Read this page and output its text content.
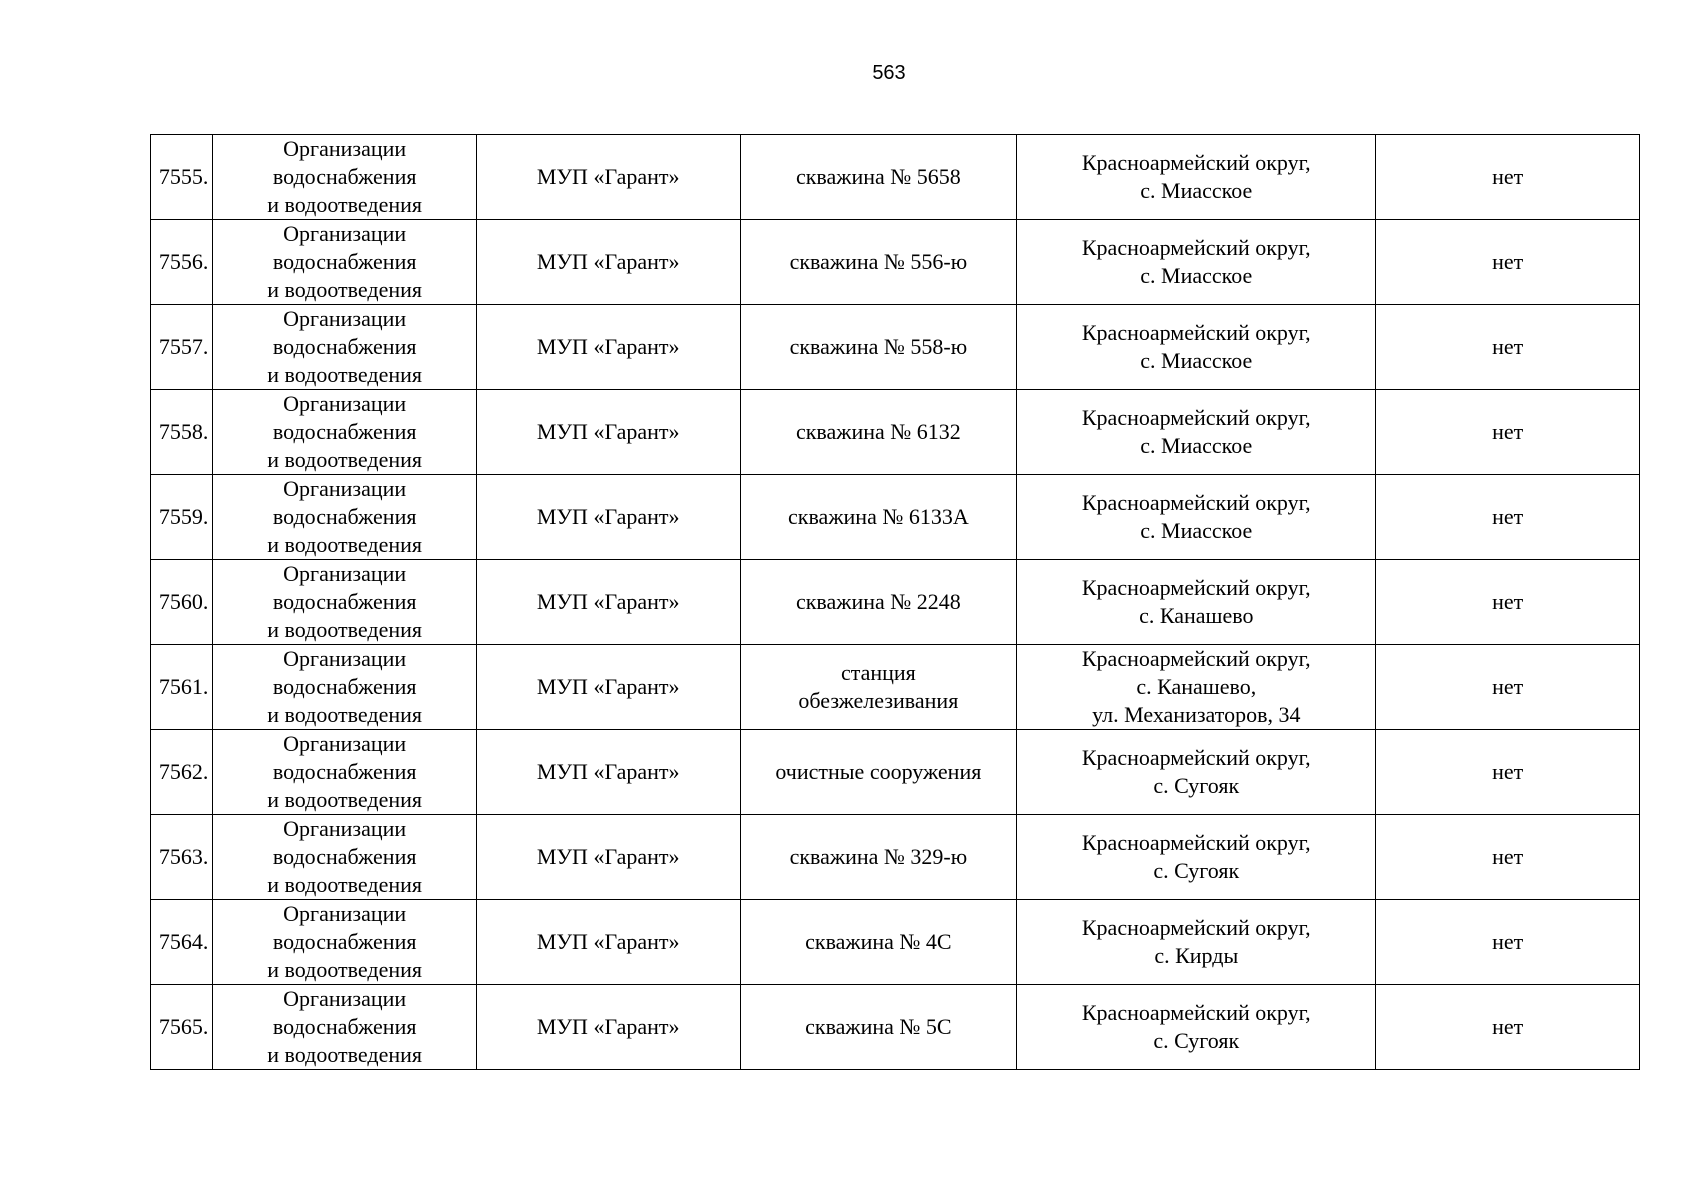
563
7555.	Организации
водоснабжения
и водоотведения	МУП «Гарант»	скважина № 5658	Красноармейский округ,
с. Миасское	нет
7556.	Организации
водоснабжения
и водоотведения	МУП «Гарант»	скважина № 556-ю	Красноармейский округ,
с. Миасское	нет
7557.	Организации
водоснабжения
и водоотведения	МУП «Гарант»	скважина № 558-ю	Красноармейский округ,
с. Миасское	нет
7558.	Организации
водоснабжения
и водоотведения	МУП «Гарант»	скважина № 6132	Красноармейский округ,
с. Миасское	нет
7559.	Организации
водоснабжения
и водоотведения	МУП «Гарант»	скважина № 6133А	Красноармейский округ,
с. Миасское	нет
7560.	Организации
водоснабжения
и водоотведения	МУП «Гарант»	скважина № 2248	Красноармейский округ,
с. Канашево	нет
7561.	Организации
водоснабжения
и водоотведения	МУП «Гарант»	станция
обезжелезивания	Красноармейский округ,
с. Канашево,
ул. Механизаторов, 34	нет
7562.	Организации
водоснабжения
и водоотведения	МУП «Гарант»	очистные сооружения	Красноармейский округ,
с. Сугояк	нет
7563.	Организации
водоснабжения
и водоотведения	МУП «Гарант»	скважина № 329-ю	Красноармейский округ,
с. Сугояк	нет
7564.	Организации
водоснабжения
и водоотведения	МУП «Гарант»	скважина № 4С	Красноармейский округ,
с. Кирды	нет
7565.	Организации
водоснабжения
и водоотведения	МУП «Гарант»	скважина № 5С	Красноармейский округ,
с. Сугояк	нет
